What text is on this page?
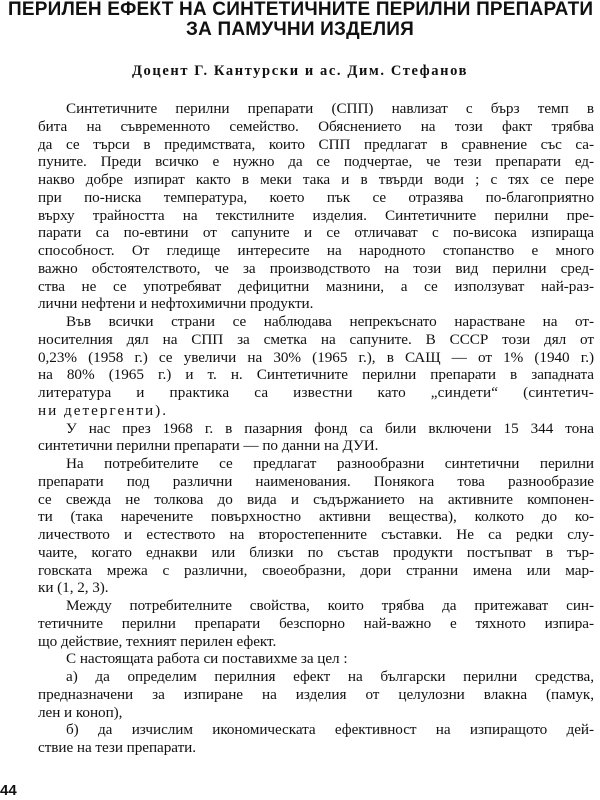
ПЕРИЛЕН ЕФЕКТ НА СИНТЕТИЧНИТЕ ПЕРИЛНИ ПРЕПАРАТИ
ЗА ПАМУЧНИ ИЗДЕЛИЯ
Доцент Г. Кантурски и ас. Дим. Стефанов
Синтетичните перилни препарати (СПП) навлизат с бърз темп в
бита на съвременното семейство. Обяснението на този факт трябва
да се търси в предимствата, които СПП предлагат в сравнение със са-
пуните. Преди всичко е нужно да се подчертае, че тези препарати ед-
накво добре изпират както в меки така и в твърди води ; с тях се пере
при по-ниска температура, което пък се отразява по-благоприятно
върху трайността на текстилните изделия. Синтетичните перилни пре-
парати са по-евтини от сапуните и се отличават с по-висока изпираща
способност. От гледище интересите на народното стопанство е много
важно обстоятелството, че за производството на този вид перилни сред-
ства не се употребяват дефицитни мазнини, а се използуват най-раз-
лични нефтени и нефтохимични продукти.
Във всички страни се наблюдава непрекъснато нарастване на от-
носителния дял на СПП за сметка на сапуните. В СССР този дял от
0,23% (1958 г.) се увеличи на 30% (1965 г.), в САЩ — от 1% (1940 г.)
на 80% (1965 г.) и т. н. Синтетичните перилни препарати в западната
литература и практика са известни като „синдети“ (синтетич-
ни детергенти).
У нас през 1968 г. в пазарния фонд са били включени 15 344 тона
синтетични перилни препарати — по данни на ДУИ.
На потребителите се предлагат разнообразни синтетични перилни
препарати под различни наименования. Понякога това разнообразие
се свежда не толкова до вида и съдържанието на активните компонен-
ти (така наречените повърхностно активни вещества), колкото до ко-
личеството и естеството на второстепенните съставки. Не са редки слу-
чаите, когато еднакви или близки по състав продукти постъпват в тър-
говската мрежа с различни, своеобразни, дори странни имена или мар-
ки (1, 2, 3).
Между потребителните свойства, които трябва да притежават син-
тетичните перилни препарати безспорно най-важно е тяхното изпира-
що действие, техният перилен ефект.
С настоящата работа си поставихме за цел :
а) да определим перилния ефект на български перилни средства,
предназначени за изпиране на изделия от целулозни влакна (памук,
лен и коноп),
б) да изчислим икономическата ефективност на изпиращото дей-
ствие на тези препарати.
44
